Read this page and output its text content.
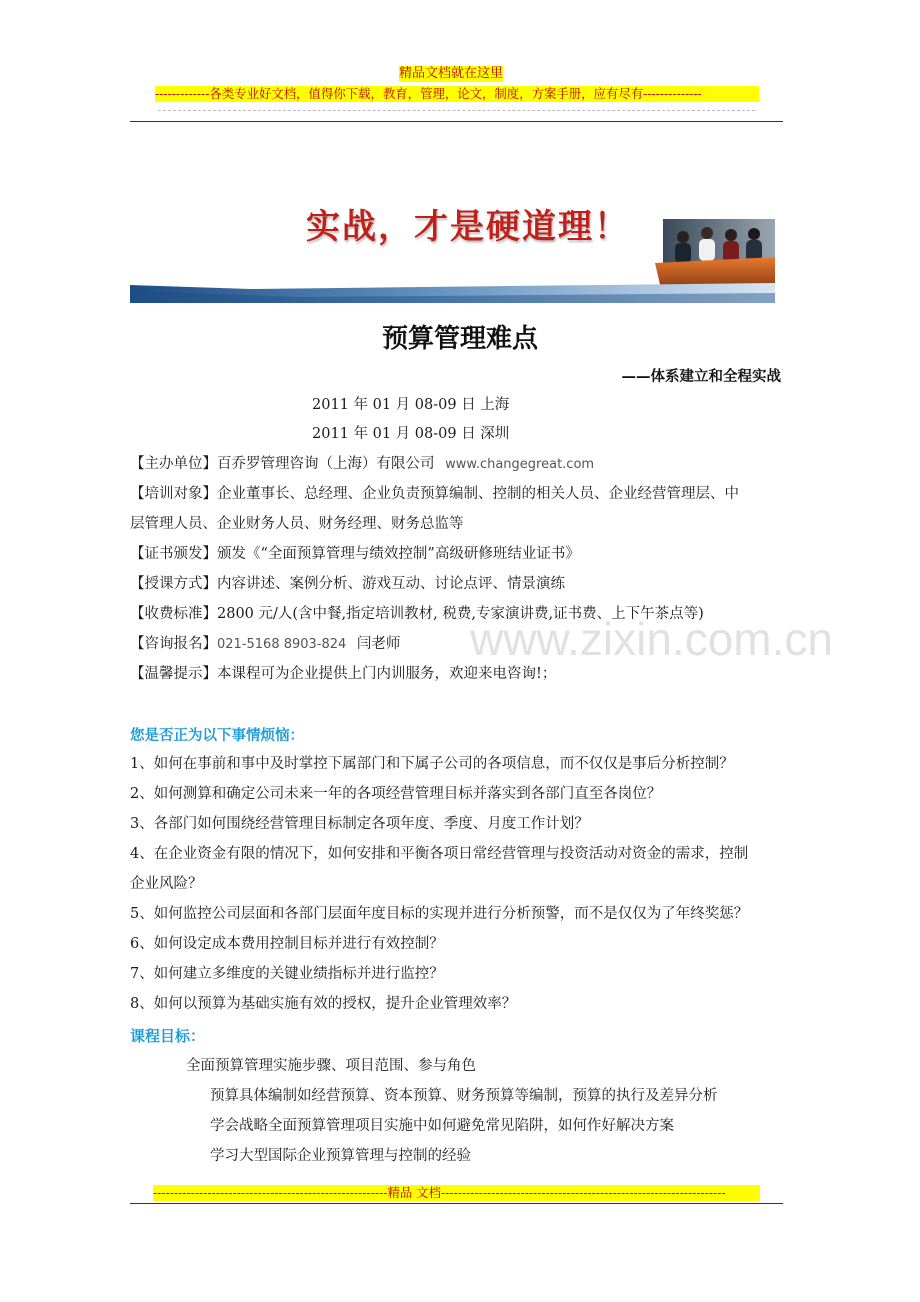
精品文档就在这里
-------------各类专业好文档，值得你下载，教育，管理，论文，制度，方案手册，应有尽有--------------
实战，才是硬道理！
预算管理难点
——体系建立和全程实战
2011 年 01 月 08-09 日 上海
2011 年 01 月 08-09 日 深圳
【主办单位】百乔罗管理咨询（上海）有限公司 www.changegreat.com
【培训对象】企业董事长、总经理、企业负责预算编制、控制的相关人员、企业经营管理层、中
层管理人员、企业财务人员、财务经理、财务总监等
【证书颁发】颁发《“全面预算管理与绩效控制”高级研修班结业证书》
【授课方式】内容讲述、案例分析、游戏互动、讨论点评、情景演练
【收费标准】2800 元/人(含中餐,指定培训教材, 税费,专家演讲费,证书费、上下午茶点等)
www.zixin.com.cn
【咨询报名】021-5168 8903-824 闫老师
【温馨提示】本课程可为企业提供上门内训服务，欢迎来电咨询!；
您是否正为以下事情烦恼：
1、如何在事前和事中及时掌控下属部门和下属子公司的各项信息，而不仅仅是事后分析控制？
2、如何测算和确定公司未来一年的各项经营管理目标并落实到各部门直至各岗位？
3、各部门如何围绕经营管理目标制定各项年度、季度、月度工作计划？
4、在企业资金有限的情况下，如何安排和平衡各项日常经营管理与投资活动对资金的需求，控制
企业风险？
5、如何监控公司层面和各部门层面年度目标的实现并进行分析预警，而不是仅仅为了年终奖惩？
6、如何设定成本费用控制目标并进行有效控制？
7、如何建立多维度的关键业绩指标并进行监控？
8、如何以预算为基础实施有效的授权，提升企业管理效率？
课程目标：
全面预算管理实施步骤、项目范围、参与角色
预算具体编制如经营预算、资本预算、财务预算等编制，预算的执行及差异分析
学会战略全面预算管理项目实施中如何避免常见陷阱，如何作好解决方案
学习大型国际企业预算管理与控制的经验
--------------------------------------------------------精品 文档--------------------------------------------------------------------
